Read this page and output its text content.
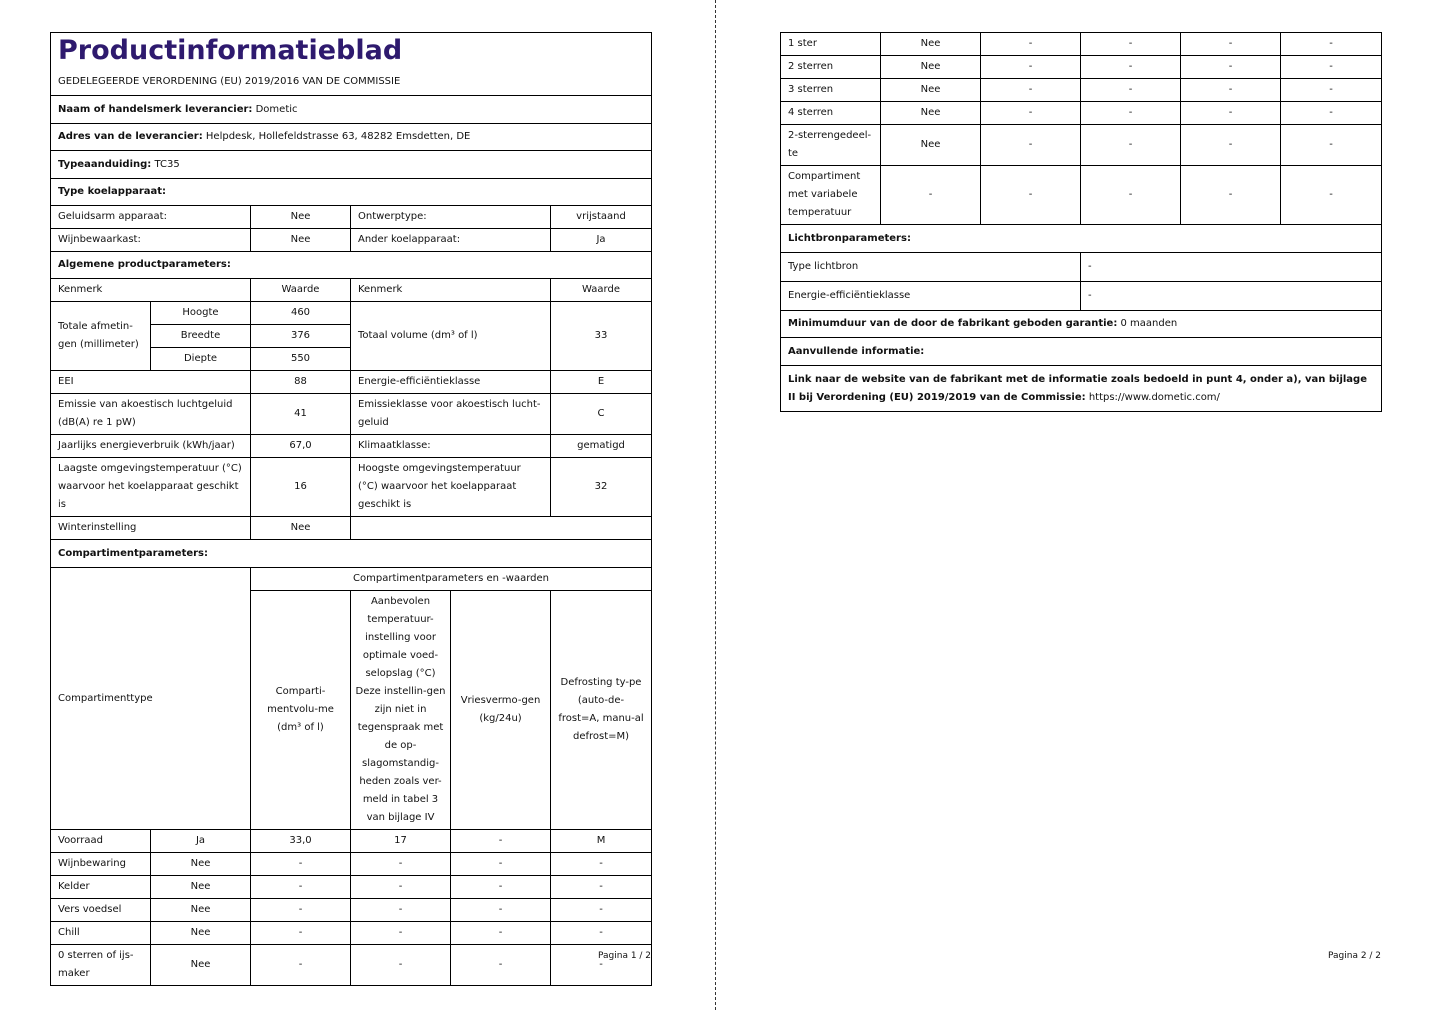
Productinformatieblad					

GEDELEGEERDE VERORDENING (EU) 2019/2016 VAN DE COMMISSIE					
Naam of handelsmerk leverancier: Dometic					
Adres van de leverancier: Helpdesk, Hollefeldstrasse 63, 48282 Emsdetten, DE					
Typeaanduiding: TC35					
Type koelapparaat:					
Geluidsarm apparaat:		Nee	Ontwerptype:		vrijstaand
Wijnbewaarkast:		Nee	Ander koelapparaat:		Ja
Algemene productparameters:					
Kenmerk		Waarde	Kenmerk		Waarde
Totale afmetin-gen (millimeter)	Hoogte	460	Totaal volume (dm³ of l)		33
	Breedte	376			
	Diepte	550			
EEI		88	Energie-efficiëntieklasse		E
Emissie van akoestisch luchtgeluid (dB(A) re 1 pW)		41	Emissieklasse voor akoestisch lucht-geluid		C
Jaarlijks energieverbruik (kWh/jaar)		67,0	Klimaatklasse:		gematigd
Laagste omgevingstemperatuur (°C) waarvoor het koelapparaat geschikt is		16	Hoogste omgevingstemperatuur (°C) waarvoor het koelapparaat geschikt is		32
Winterinstelling		Nee			
Compartimentparameters:					
Compartimenttype		Compartimentparameters en -waarden			
		Comparti-mentvolu-me (dm³ of l)	Aanbevolen temperatuur-instelling voor optimale voed-selopslag (°C) Deze instellin-gen zijn niet in tegenspraak met de op-slagomstandig-heden zoals ver-meld in tabel 3 van bijlage IV	Vriesvermo-gen (kg/24u)	Defrosting ty-pe (auto-de-frost=A, manu-al defrost=M)
Voorraad	Ja	33,0	17	-	M
Wijnbewaring	Nee	-	-	-	-
Kelder	Nee	-	-	-	-
Vers voedsel	Nee	-	-	-	-
Chill	Nee	-	-	-	-
0 sterren of ijs-maker	Nee	-	-	-	-
Pagina 1 / 2
1 ster	Nee	-	-	-	-
2 sterren	Nee	-	-	-	-
3 sterren	Nee	-	-	-	-
4 sterren	Nee	-	-	-	-
2-sterrengedeel-te	Nee	-	-	-	-
Compartiment met variabele temperatuur	-	-	-	-	-
Lichtbronparameters:					
Type lichtbron			-		
Energie-efficiëntieklasse			-		
Minimumduur van de door de fabrikant geboden garantie: 0 maanden					
Aanvullende informatie:					
Link naar de website van de fabrikant met de informatie zoals bedoeld in punt 4, onder a), van bijlage II bij Verordening (EU) 2019/2019 van de Commissie: https://www.dometic.com/					
Pagina 2 / 2
